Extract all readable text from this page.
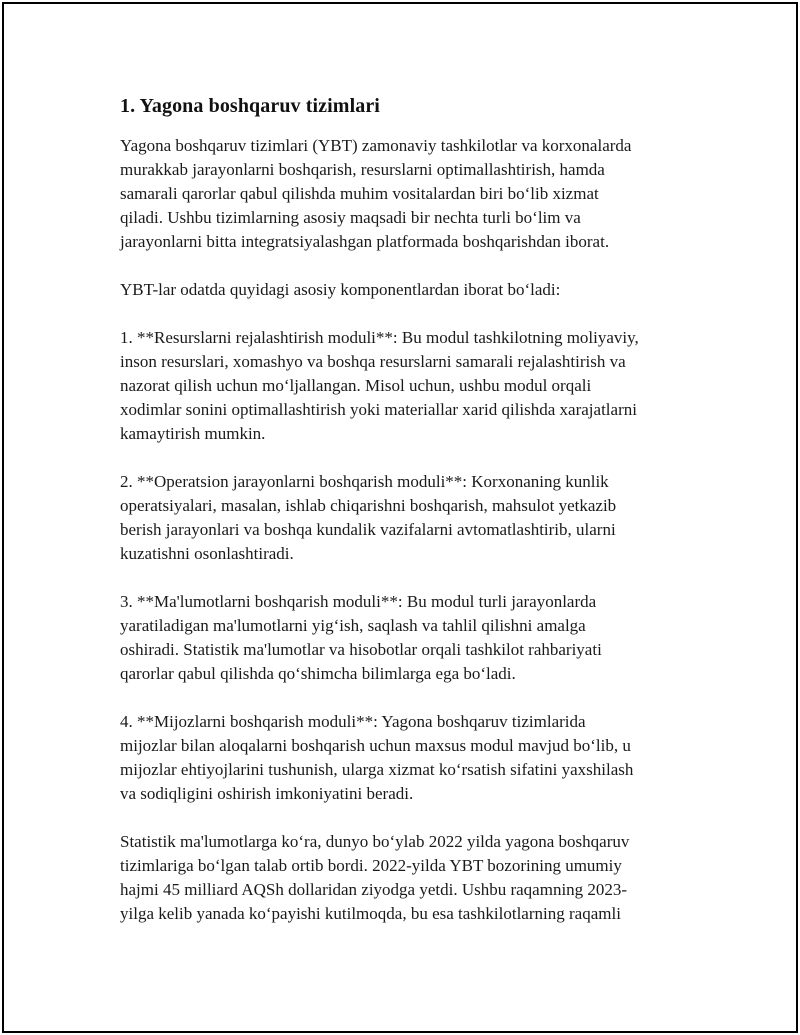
1. Yagona boshqaruv tizimlari

Yagona boshqaruv tizimlari (YBT) zamonaviy tashkilotlar va korxonalarda
murakkab jarayonlarni boshqarish, resurslarni optimallashtirish, hamda
samarali qarorlar qabul qilishda muhim vositalardan biri boʻlib xizmat
qiladi. Ushbu tizimlarning asosiy maqsadi bir nechta turli boʻlim va
jarayonlarni bitta integratsiyalashgan platformada boshqarishdan iborat.

YBT-lar odatda quyidagi asosiy komponentlardan iborat boʻladi:

1. **Resurslarni rejalashtirish moduli**: Bu modul tashkilotning moliyaviy,
inson resurslari, xomashyo va boshqa resurslarni samarali rejalashtirish va
nazorat qilish uchun moʻljallangan. Misol uchun, ushbu modul orqali
xodimlar sonini optimallashtirish yoki materiallar xarid qilishda xarajatlarni
kamaytirish mumkin.

2. **Operatsion jarayonlarni boshqarish moduli**: Korxonaning kunlik
operatsiyalari, masalan, ishlab chiqarishni boshqarish, mahsulot yetkazib
berish jarayonlari va boshqa kundalik vazifalarni avtomatlashtirib, ularni
kuzatishni osonlashtiradi.

3. **Ma'lumotlarni boshqarish moduli**: Bu modul turli jarayonlarda
yaratiladigan ma'lumotlarni yigʻish, saqlash va tahlil qilishni amalga
oshiradi. Statistik ma'lumotlar va hisobotlar orqali tashkilot rahbariyati
qarorlar qabul qilishda qoʻshimcha bilimlarga ega boʻladi.

4. **Mijozlarni boshqarish moduli**: Yagona boshqaruv tizimlarida
mijozlar bilan aloqalarni boshqarish uchun maxsus modul mavjud boʻlib, u
mijozlar ehtiyojlarini tushunish, ularga xizmat koʻrsatish sifatini yaxshilash
va sodiqligini oshirish imkoniyatini beradi.

Statistik ma'lumotlarga koʻra, dunyo boʻylab 2022 yilda yagona boshqaruv
tizimlariga boʻlgan talab ortib bordi. 2022-yilda YBT bozorining umumiy
hajmi 45 milliard AQSh dollaridan ziyodga yetdi. Ushbu raqamning 2023-
yilga kelib yanada koʻpayishi kutilmoqda, bu esa tashkilotlarning raqamli
